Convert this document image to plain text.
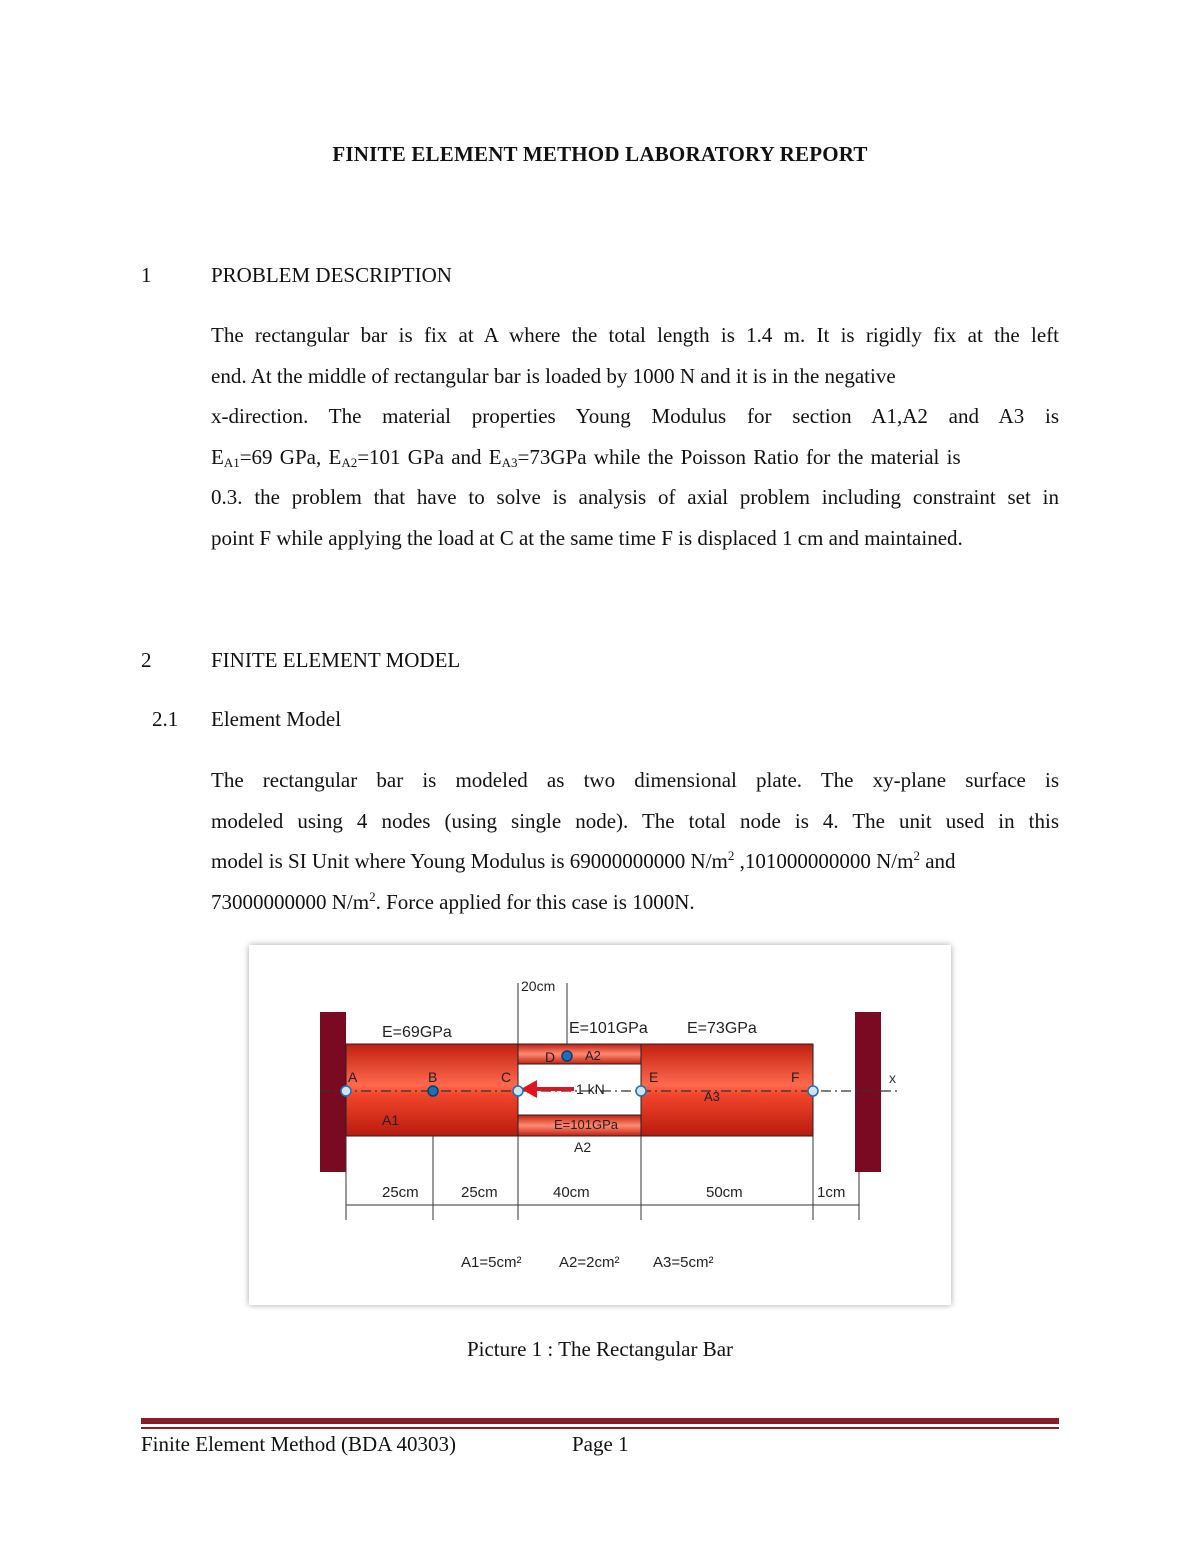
FINITE ELEMENT METHOD LABORATORY REPORT
1	PROBLEM DESCRIPTION
The rectangular bar is fix at A where the total length is 1.4 m. It is rigidly fix at the left
end. At the middle of rectangular bar is loaded by 1000 N and it is in the negative
x-direction. The material properties Young Modulus for section A1,A2 and A3 is
$E_{A1}=69$ GPa, $E_{A2}=101$ GPa and $E_{A3}=73GPa$ while the Poisson Ratio for the material is
0.3. the problem that have to solve is analysis of axial problem including constraint set in
point F while applying the load at C at the same time F is displaced 1 cm and maintained.
2	FINITE ELEMENT MODEL
2.1 Element Model
The rectangular bar is modeled as two dimensional plate. The xy-plane surface is
modeled using 4 nodes (using single node). The total node is 4. The unit used in this
model is SI Unit where Young Modulus is 69000000000 $N/m^2$ ,101000000000 $N/m^2$ and
73000000000 $N/m^2$. Force applied for this case is 1000N.
x
20cm
E=69GPa	E=101GPa E=73GPa
1 kN
A	B	C
D
E	F
A1
A2
E=101GPa
A2
A3
25cm	25cm	40cm	50cm	1cm
A1=5cm²	A2=2cm² A3=5cm²
Picture 1 : The Rectangular Bar
Finite Element Method (BDA 40303)	Page 1
